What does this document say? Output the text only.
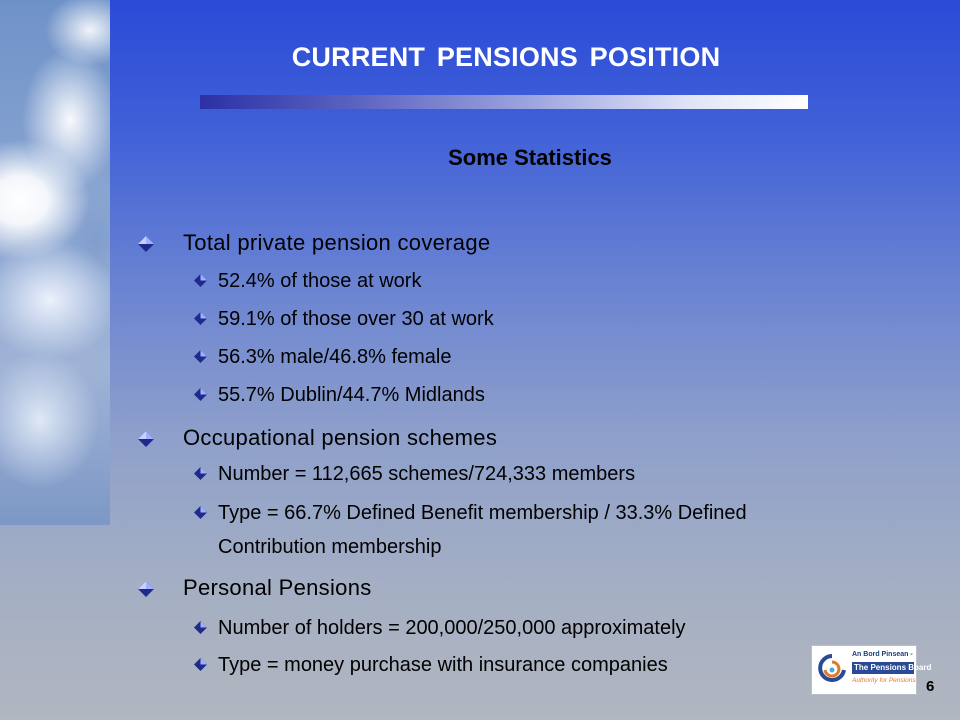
CURRENT PENSIONS POSITION
Some Statistics
Total private pension coverage
52.4% of those at work
59.1% of those over 30 at work
56.3% male/46.8% female
55.7% Dublin/44.7% Midlands
Occupational pension schemes
Number = 112,665 schemes/724,333 members
Type = 66.7% Defined Benefit membership / 33.3% Defined
Contribution membership
Personal Pensions
Number of holders = 200,000/250,000 approximately
Type = money purchase with insurance companies	An Bord Pinsean -
The Pensions Board
Authority for Pensions 6
